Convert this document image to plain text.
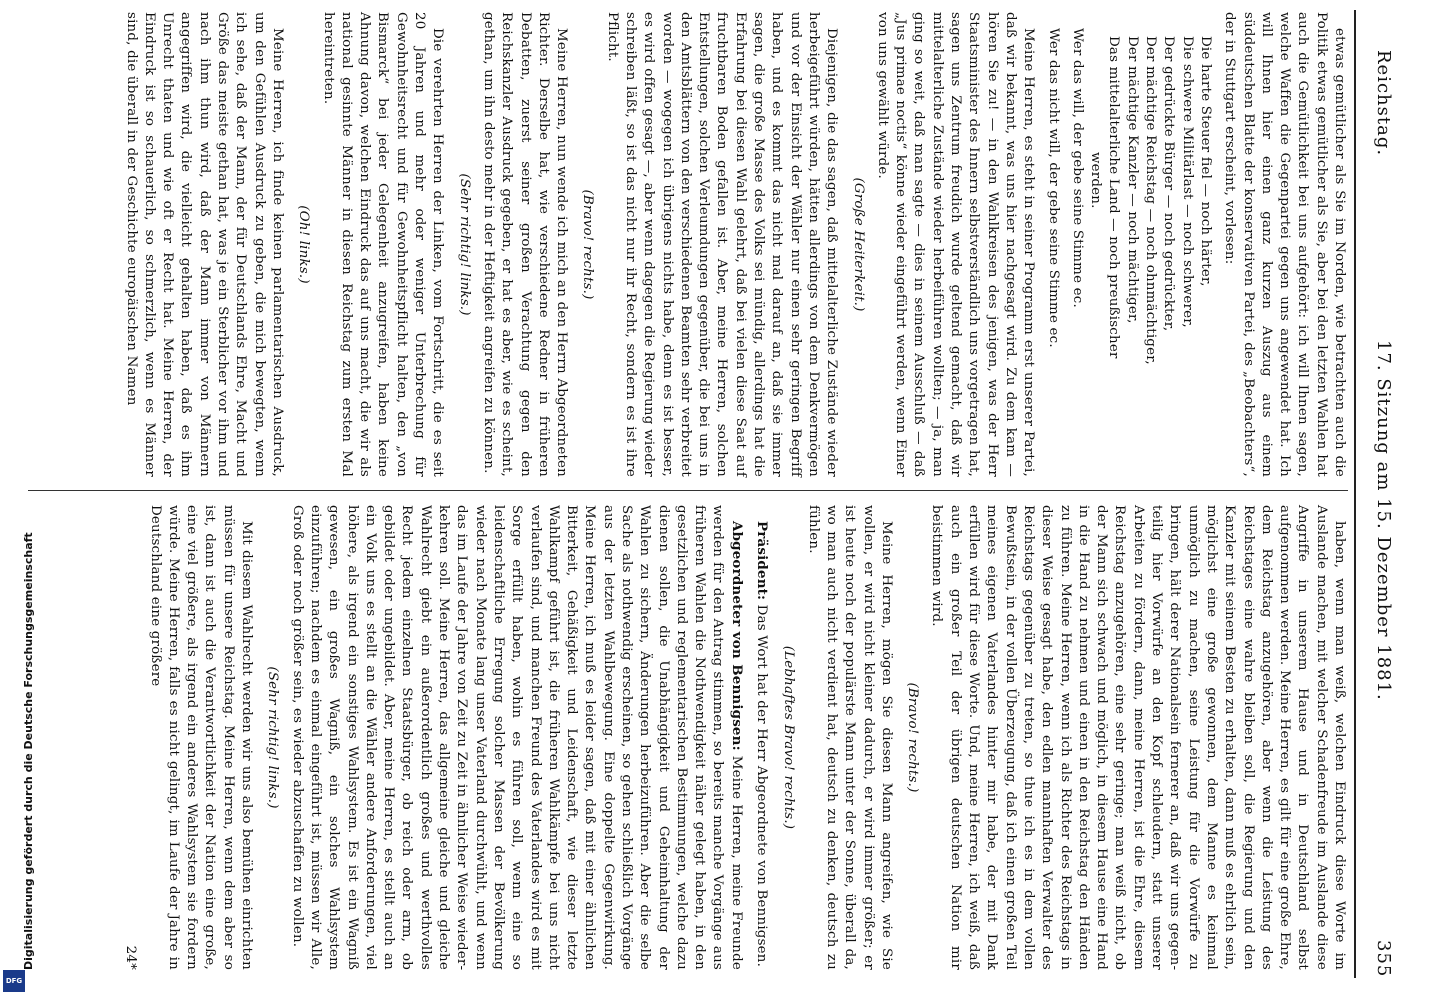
Reichstag.
17. Sitzung am 15. Dezember 1881.
355

etwas gemütlicher als Sie im Norden, wie betrachten auch die Politik etwas gemütlicher als Sie, aber bei den letzten Wahlen hat auch die Gemütlichkeit bei uns aufgehört: ich will Ihnen sagen, welche Waffen die Gegenpartei gegen uns angewendet hat. Ich will Ihnen hier einen ganz kurzen Auszug aus einem süddeutschen Blatte der konservativen Partei, des „Beobachters“, der in Stuttgart erscheint, vorlesen:

Die harte Steuer fiel — noch härter,

Die schwere Militärlast — noch schwerer,

Der gedrückte Bürger — noch gedrückter,

Der mächtige Reichstag — noch ohnmächtiger,

Der mächtige Kanzler — noch mächtiger,

Das mittelalterliche Land — noch preußischer

werden.

Wer das will, der gebe seine Stimme ec.

Wer das nicht will, der gebe seine Stimme ec.

Meine Herren, es steht in seiner Programm erst unserer Partei, daß wir bekannt, was uns hier nachgesagt wird. Zu dem kam — hören Sie zu! — in den Wahlkreisen des jenigen, was der Herr Staatsminister des Innern selbstverständlich uns vorgetragen hat, sagen uns Zentrum freudich wurde geltend gemacht, daß wir mittelalterliche Zustände wieder herbeiführen wollten; — ja, man ging so weit, daß man sagte — dies in seinem Ausschluß — daß „Jus primae noctis“ könne wieder eingeführt werden, wenn Einer von uns gewählt würde.

(Große Heiterkeit.)

Diejenigen, die das sagen, daß mittelalterliche Zustände wieder herbeigeführt würden, hätten allerdings von dem Denkvermögen und vor der Einsicht der Wähler nur einen sehr geringen Begriff haben, und es kommt das nicht mal darauf an, daß sie immer sagen, die große Masse des Volks sei mündig, allerdings hat die Erfahrung bei diesen Wahl gelehrt, daß bei vielen diese Saat auf fruchtbaren Boden gefallen ist. Aber, meine Herren, solchen Entstellungen, solchen Verleumdungen gegenüber, die bei uns in den Amtsblättern von den verschiedenen Beamten sehr verbreitet worden — wogegen ich übrigens nichts habe, denn es ist besser, es wird offen gesagt —, aber wenn dagegen die Regierung wieder schreiben läßt, so ist das nicht nur ihr Recht, sondern es ist ihre Pflicht.

(Bravo! rechts.)

Meine Herren, nun wende ich mich an den Herrn Abgeordneten Richter. Derselbe hat, wie verschiedene Redner in früheren Debatten, zuerst seiner großen Verachtung gegen den Reichskanzler Ausdruck gegeben, er hat es aber, wie es scheint, gethan, um ihn desto mehr in der Heftigkeit angreifen zu können.

(Sehr richtig! links.)

Die verehrten Herren der Linken, vom Fortschritt, die es seit 20 Jahren und mehr oder weniger Unterbrechung für Gewohnheitsrecht und für Gewohnheitspflicht halten, den „von Bismarck“ bei jeder Gelegenheit anzugreifen, haben keine Ahnung davon, welchen Eindruck das auf uns macht, die wir als national gesinnte Männer in diesen Reichstag zum ersten Mal hereintreten.

(Oh! links.)

Meine Herren, ich finde keinen parlamentarischen Ausdruck, um den Gefühlen Ausdruck zu geben, die mich bewegten, wenn ich sehe, daß der Mann, der für Deutschlands Ehre, Macht und Größe das meiste gethan hat, was je ein Sterblicher vor ihm und nach ihm thun wird, daß der Mann immer von Männern angegriffen wird, die vielleicht gehalten haben, daß es ihm Unrecht thaten und wie oft er Recht hat. Meine Herren, der Eindruck ist so schauerlich, so schmerzlich, wenn es Männer sind, die überall in der Geschichte europäischen Namen

haben, wenn man weiß, welchen Eindruck diese Worte im Auslande machen, mit welcher Schadenfreude im Auslande diese Angriffe in unserem Hause und in Deutschland selbst aufgenommen werden. Meine Herren, es gilt für eine große Ehre, dem Reichstag anzugehören, aber wenn die Leistung des Reichstages eine wahre bleiben soll, die Regierung und den Kanzler mit seinem Besten zu erhalten, dann muß es ehrlich sein, möglichst eine große gewonnen, dem Manne es keinmal unmöglich zu machen, seine Leistung für die Vorwürfe zu bringen, hält derer Nationalsein fernerer an, daß wir uns gegenteilig hier Vorwürfe an den Kopf schleudern, statt unserer Arbeiten zu fördern, dann, meine Herren, ist die Ehre, diesem Reichstag anzugehören, eine sehr geringe; man weiß nicht, ob der Mann sich schwach und möglich, in diesem Hause eine Hand in die Hand zu nehmen und einen in den Reichstag den Händen zu führen. Meine Herren, wenn ich als Richter des Reichstags in dieser Weise gesagt habe, den edlen mannhaften Verwalter des Reichstags gegenüber zu treten, so thue ich es in dem vollen Bewußtsein, in der vollen Überzeugung, daß ich einen großen Teil meines eigenen Vaterlandes hinter mir habe, der mit Dank erfüllen wird für diese Worte. Und, meine Herren, ich weiß, daß auch ein großer Teil der übrigen deutschen Nation mir beistimmen wird.

(Bravo! rechts.)

Meine Herren, mögen Sie diesen Mann angreifen, wie Sie wollen, er wird nicht kleiner dadurch, er wird immer größer; er ist heute noch der populärste Mann unter der Sonne, überall da, wo man auch nicht verdient hat, deutsch zu denken, deutsch zu fühlen.

(Lebhaftes Bravo! rechts.)

Präsident: Das Wort hat der Herr Abgeordnete von Bennigsen.

Abgeordneter von Bennigsen: Meine Herren, meine Freunde werden für den Antrag stimmen, so bereits manche Vorgänge aus früheren Wahlen die Nothwendigkeit näher gelegt haben, in den gesetzlichen und reglementarischen Bestimmungen, welche dazu dienen sollen, die Unabhängigkeit und Geheimhaltung der Wahlen zu sichern, Änderungen herbeizuführen. Aber die selbe Sache als nothwendig erscheinen, so gehen schließlich Vorgänge aus der letzten Wahlbewegung. Eine doppelte Gegenwirkung. Meine Herren, ich muß es leider sagen, daß mit einer ähnlichen Bitterkeit, Gehäßigkeit und Leidenschaft, wie dieser letzte Wahlkampf geführt ist, die früheren Wahlkämpfe bei uns nicht verlaufen sind, und manchen Freund des Vaterlandes wird es mit Sorge erfüllt haben, wohin es führen soll, wenn eine so leidenschaftliche Erregung solcher Massen der Bevölkerung wieder nach Monate lang unser Vaterland durchwühlt, und wenn das im Laufe der Jahre von Zeit zu Zeit in ähnlicher Weise wiederkehren soll. Meine Herren, das allgemeine gleiche und gleiche Wahlrecht giebt ein außerordentlich großes und werthvolles Recht jedem einzelnen Staatsbürger, ob reich oder arm, ob gebildet oder ungebildet. Aber, meine Herren, es stellt auch an ein Volk uns es stellt an die Wähler andere Anforderungen, viel höhere, als irgend ein sonstiges Wahlsystem. Es ist ein Wagniß gewesen, ein großes Wagniß, ein solches Wahlsystem einzuführen; nachdem es einmal eingeführt ist, müssen wir Alle, Groß oder noch größer sein, es wieder abzuschaffen zu wollen.

(Sehr richtig! links.)

Mit diesem Wahlrecht werden wir uns also bemühen einrichten müssen für unsere Reichstag. Meine Herren, wenn dem aber so ist, dann ist auch die Verantwortlichkeit der Nation eine große, eine viel größere, als irgend ein anderes Wahlsystem sie fordern würde. Meine Herren, falls es nicht gelingt, im Laufe der Jahre in Deutschland eine größere

24*

Digitalisierung gefördert durch die Deutsche Forschungsgemeinschaft
DFG
